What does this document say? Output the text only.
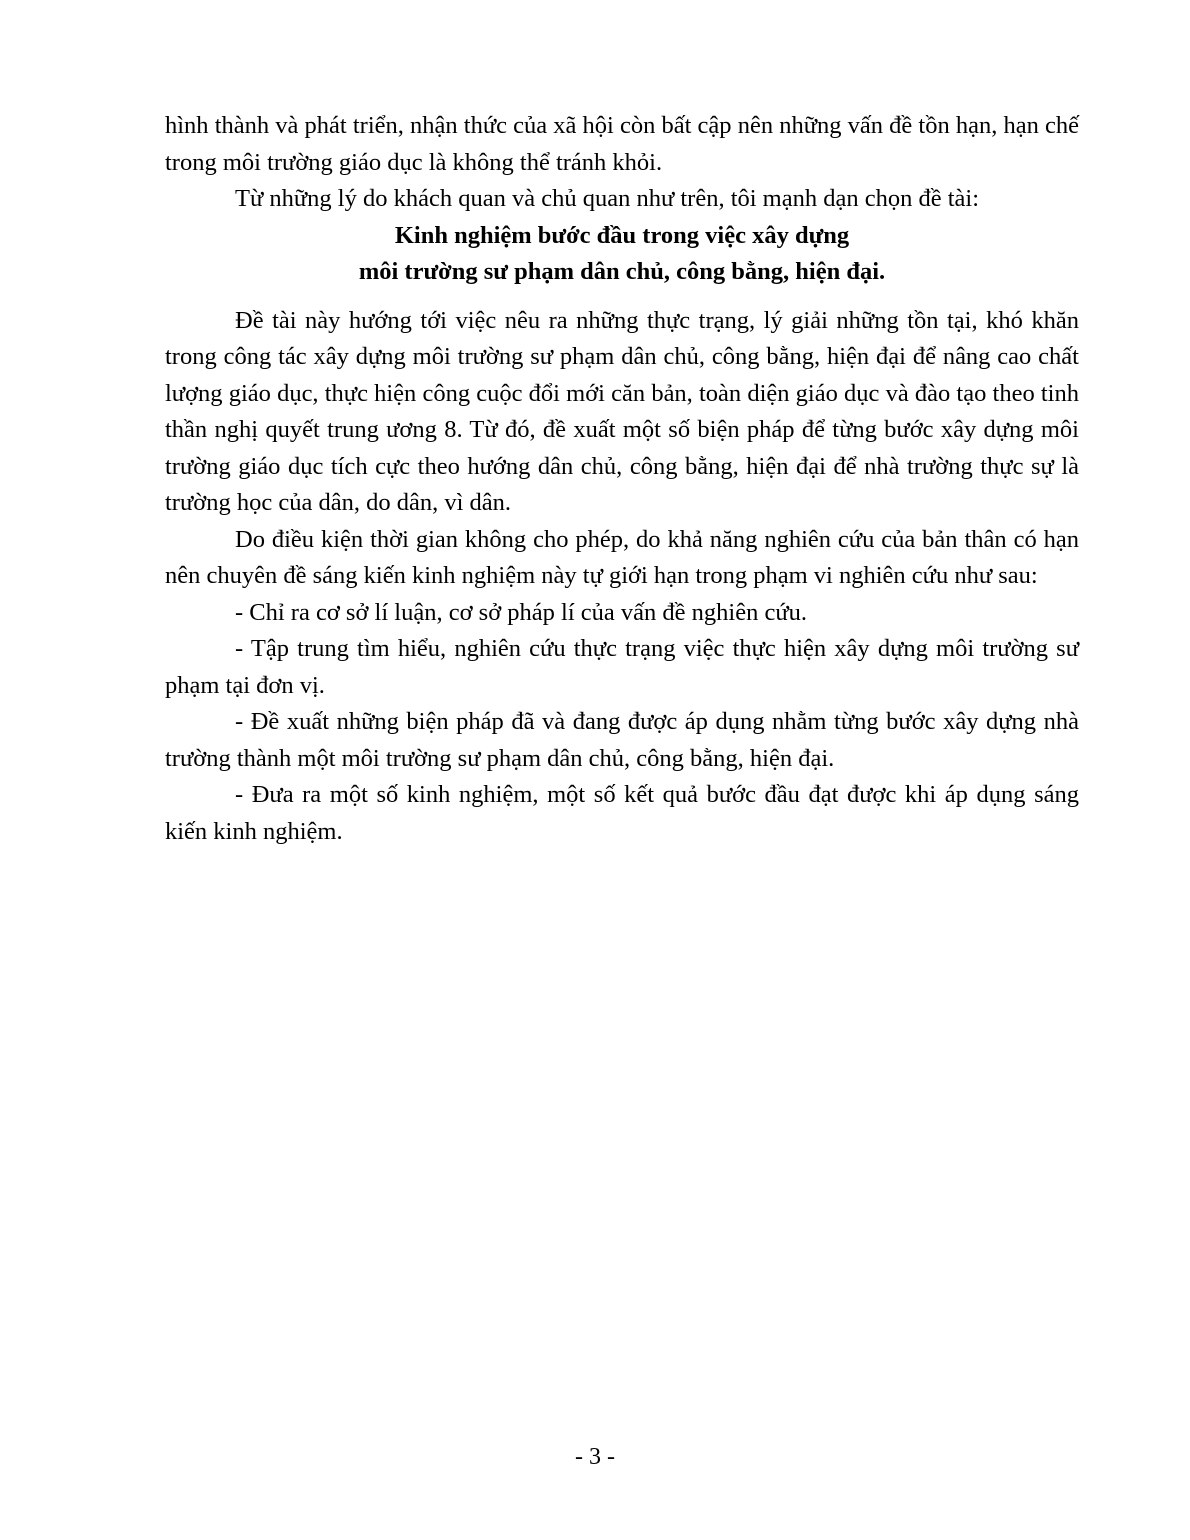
hình thành và phát triển, nhận thức của xã hội còn bất cập nên những vấn đề tồn hạn, hạn chế trong môi trường giáo dục là không thể tránh khỏi.

Từ những lý do khách quan và chủ quan như trên, tôi mạnh dạn chọn đề tài:

Kinh nghiệm bước đầu trong việc xây dựng
môi trường sư phạm dân chủ, công bằng, hiện đại.

Đề tài này hướng tới việc nêu ra những thực trạng, lý giải những tồn tại, khó khăn trong công tác xây dựng môi trường sư phạm dân chủ, công bằng, hiện đại để nâng cao chất lượng giáo dục, thực hiện công cuộc đổi mới căn bản, toàn diện giáo dục và đào tạo theo tinh thần nghị quyết trung ương 8. Từ đó, đề xuất một số biện pháp để từng bước xây dựng môi trường giáo dục tích cực theo hướng dân chủ, công bằng, hiện đại để nhà trường thực sự là trường học của dân, do dân, vì dân.

Do điều kiện thời gian không cho phép, do khả năng nghiên cứu của bản thân có hạn nên chuyên đề sáng kiến kinh nghiệm này tự giới hạn trong phạm vi nghiên cứu như sau:

- Chỉ ra cơ sở lí luận, cơ sở pháp lí của vấn đề nghiên cứu.

- Tập trung tìm hiểu, nghiên cứu thực trạng việc thực hiện xây dựng môi trường sư phạm tại đơn vị.

- Đề xuất những biện pháp đã và đang được áp dụng nhằm từng bước xây dựng nhà trường thành một môi trường sư phạm dân chủ, công bằng, hiện đại.

- Đưa ra một số kinh nghiệm, một số kết quả bước đầu đạt được khi áp dụng sáng kiến kinh nghiệm.

- 3 -
